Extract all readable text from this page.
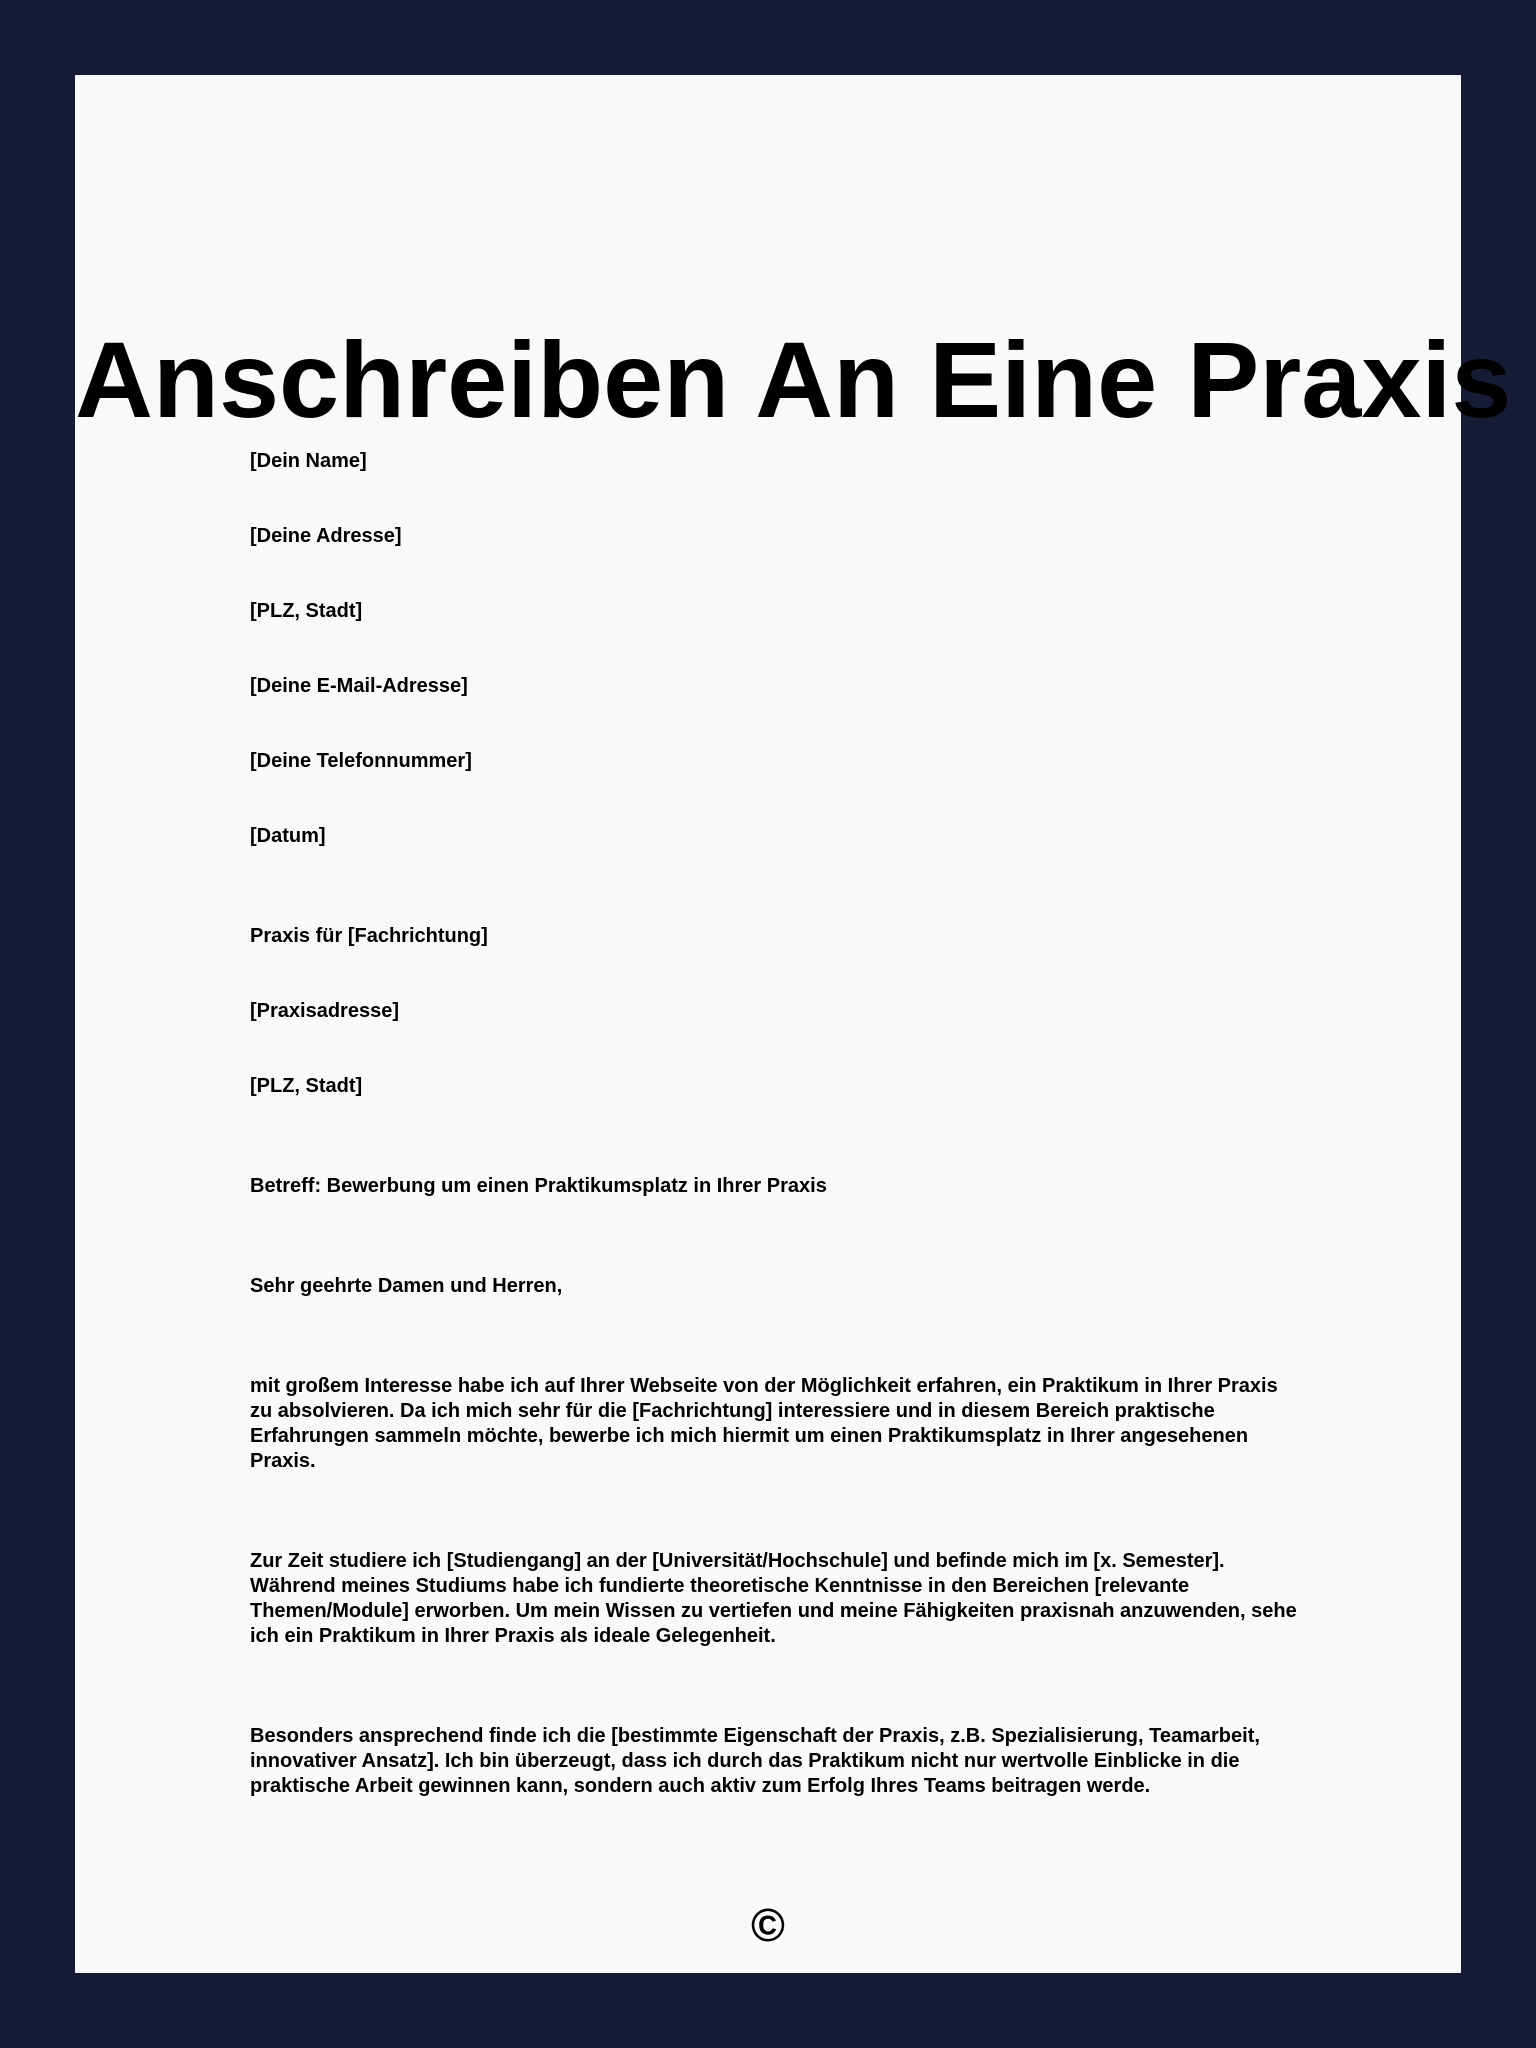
Anschreiben An Eine Praxis

[Dein Name]

[Deine Adresse]

[PLZ, Stadt]

[Deine E-Mail-Adresse]

[Deine Telefonnummer]

[Datum]

Praxis für [Fachrichtung]

[Praxisadresse]

[PLZ, Stadt]

Betreff: Bewerbung um einen Praktikumsplatz in Ihrer Praxis

Sehr geehrte Damen und Herren,

mit großem Interesse habe ich auf Ihrer Webseite von der Möglichkeit erfahren, ein Praktikum in Ihrer Praxis zu absolvieren. Da ich mich sehr für die [Fachrichtung] interessiere und in diesem Bereich praktische Erfahrungen sammeln möchte, bewerbe ich mich hiermit um einen Praktikumsplatz in Ihrer angesehenen Praxis.

Zur Zeit studiere ich [Studiengang] an der [Universität/Hochschule] und befinde mich im [x. Semester]. Während meines Studiums habe ich fundierte theoretische Kenntnisse in den Bereichen [relevante Themen/Module] erworben. Um mein Wissen zu vertiefen und meine Fähigkeiten praxisnah anzuwenden, sehe ich ein Praktikum in Ihrer Praxis als ideale Gelegenheit.

Besonders ansprechend finde ich die [bestimmte Eigenschaft der Praxis, z.B. Spezialisierung, Teamarbeit, innovativer Ansatz]. Ich bin überzeugt, dass ich durch das Praktikum nicht nur wertvolle Einblicke in die praktische Arbeit gewinnen kann, sondern auch aktiv zum Erfolg Ihres Teams beitragen werde.

©
